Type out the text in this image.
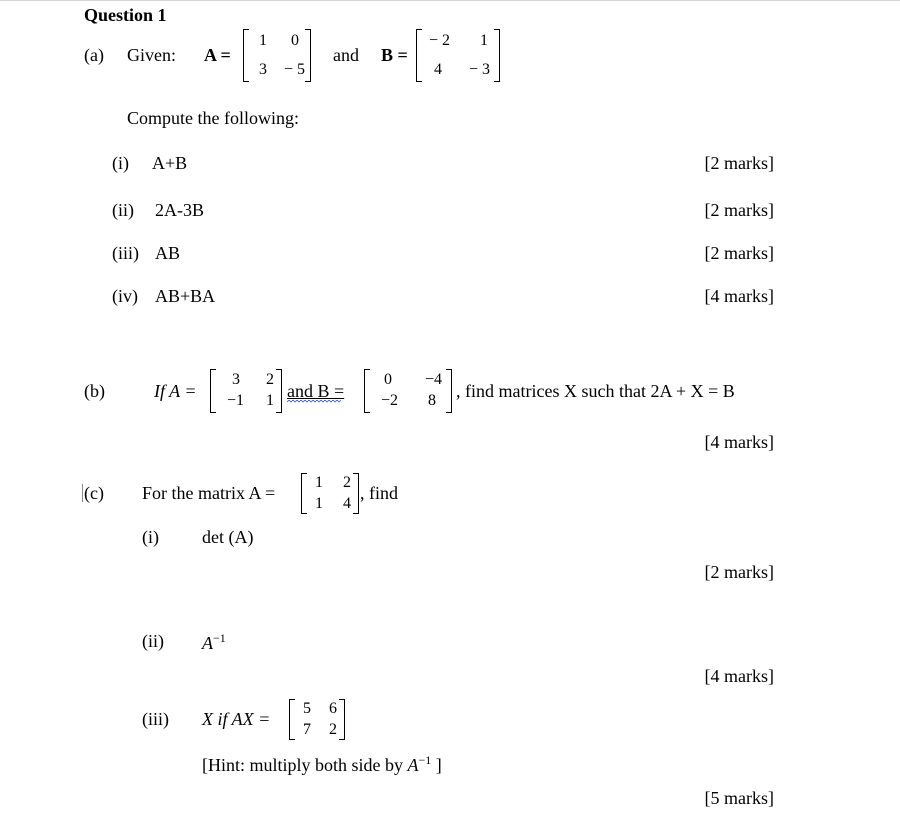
Question 1
(a) Given: A =
1	0
3	− 5
and B =
− 2	1
4	− 3
Compute the following:
(i) A+B	[2 marks]
(ii) 2A-3B	[2 marks]
(iii) AB	[2 marks]
(iv) AB+BA	[4 marks]
(b)	If A =
3	2
−1	1 and B =
0	−4
−2	8 , find matrices X such that 2A + X = B
[4 marks]
(c) For the matrix A =
1	2
1	4
, find
(i) det (A)
[2 marks]
(ii) $A^{-1}$
[4 marks]
(iii) X if AX =
5	6
7	2
[Hint: multiply both side by $A^{-1}$ ]
[5 marks]
